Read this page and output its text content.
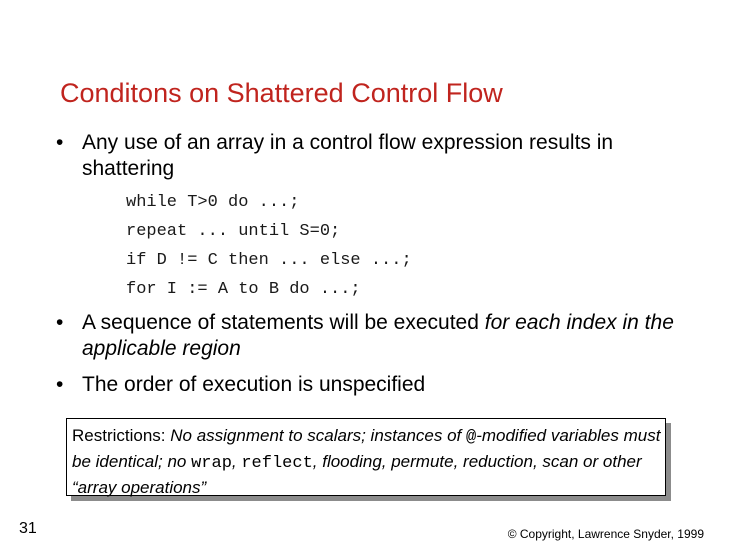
Conditons on Shattered Control Flow
• Any use of an array in a control flow expression results in shattering
while T>0 do ...;
repeat ... until S=0;
if D != C then ... else ...;
for I := A to B do ...;
• A sequence of statements will be executed for each index in the applicable region
• The order of execution is unspecified
Restrictions: No assignment to scalars; instances of @-modified variables must be identical; no wrap, reflect, flooding, permute, reduction, scan or other “array operations”
31	© Copyright, Lawrence Snyder, 1999
